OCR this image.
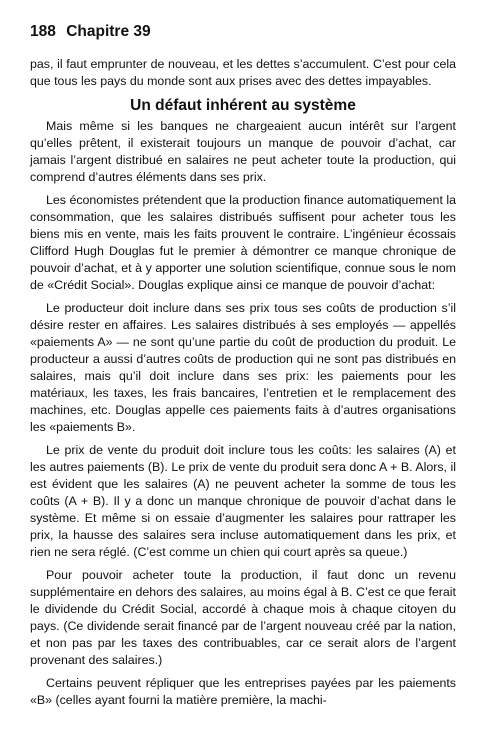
188 Chapitre 39

pas, il faut emprunter de nouveau, et les dettes s’accumulent. C’est pour cela que tous les pays du monde sont aux prises avec des dettes impayables.

Un défaut inhérent au système

Mais même si les banques ne chargeaient aucun intérêt sur l’argent qu’elles prêtent, il existerait toujours un manque de pouvoir d’achat, car jamais l’argent distribué en salaires ne peut acheter toute la production, qui comprend d’autres éléments dans ses prix.

Les économistes prétendent que la production finance automatiquement la consommation, que les salaires distribués suffisent pour acheter tous les biens mis en vente, mais les faits prouvent le contraire. L’ingénieur écossais Clifford Hugh Douglas fut le premier à démontrer ce manque chronique de pouvoir d’achat, et à y apporter une solution scientifique, connue sous le nom de «Crédit Social». Douglas explique ainsi ce manque de pouvoir d’achat:

Le producteur doit inclure dans ses prix tous ses coûts de production s’il désire rester en affaires. Les salaires distribués à ses employés — appellés «paiements A» — ne sont qu’une partie du coût de production du produit. Le producteur a aussi d’autres coûts de production qui ne sont pas distribués en salaires, mais qu’il doit inclure dans ses prix: les paiements pour les matériaux, les taxes, les frais bancaires, l’entretien et le remplacement des machines, etc. Douglas appelle ces paiements faits à d’autres organisations les «paiements B».

Le prix de vente du produit doit inclure tous les coûts: les salaires (A) et les autres paiements (B). Le prix de vente du produit sera donc A + B. Alors, il est évident que les salaires (A) ne peuvent acheter la somme de tous les coûts (A + B). Il y a donc un manque chronique de pouvoir d’achat dans le système. Et même si on essaie d’augmenter les salaires pour rattraper les prix, la hausse des salaires sera incluse automatiquement dans les prix, et rien ne sera réglé. (C’est comme un chien qui court après sa queue.)

Pour pouvoir acheter toute la production, il faut donc un revenu supplémentaire en dehors des salaires, au moins égal à B. C’est ce que ferait le dividende du Crédit Social, accordé à chaque mois à chaque citoyen du pays. (Ce dividende serait financé par de l’argent nouveau créé par la nation, et non pas par les taxes des contribuables, car ce serait alors de l’argent provenant des salaires.)

Certains peuvent répliquer que les entreprises payées par les paiements «B» (celles ayant fourni la matière première, la machi-
